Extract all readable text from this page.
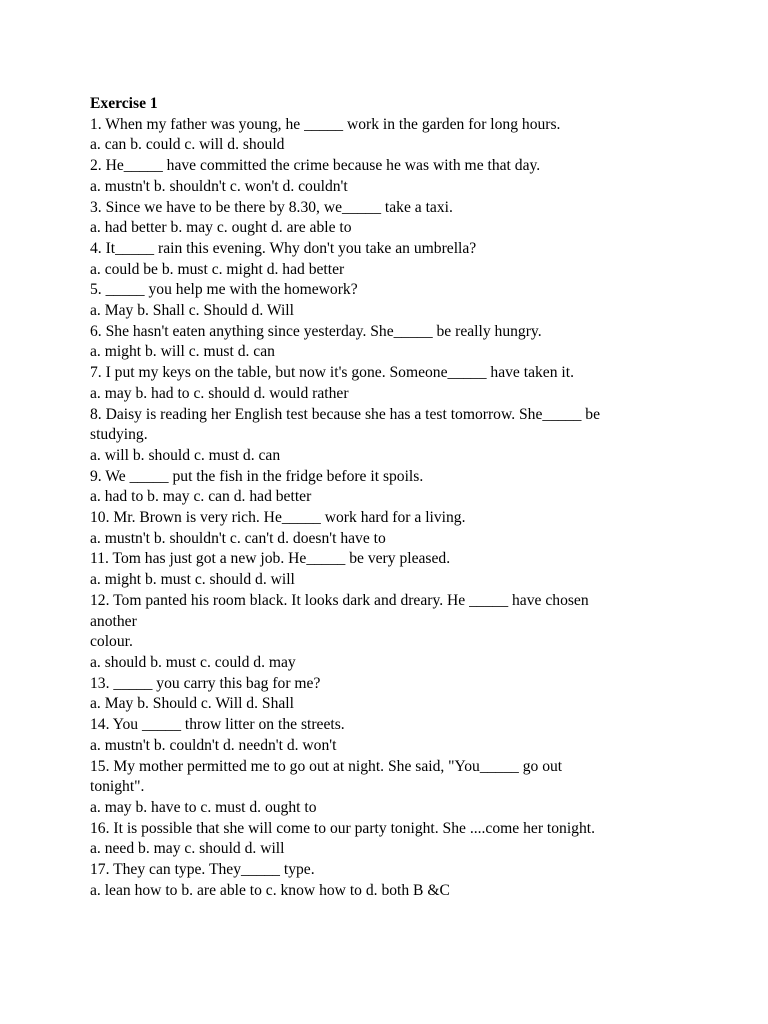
Exercise 1
1. When my father was young, he _____ work in the garden for long hours.
a. can b. could c. will d. should
2. He_____ have committed the crime because he was with me that day.
a. mustn't b. shouldn't c. won't d. couldn't
3. Since we have to be there by 8.30, we_____ take a taxi.
a. had better b. may c. ought d. are able to
4. It_____ rain this evening. Why don't you take an umbrella?
a. could be b. must c. might d. had better
5. _____ you help me with the homework?
a. May b. Shall c. Should d. Will
6. She hasn't eaten anything since yesterday. She_____ be really hungry.
a. might b. will c. must d. can
7. I put my keys on the table, but now it's gone. Someone_____ have taken it.
a. may b. had to c. should d. would rather
8. Daisy is reading her English test because she has a test tomorrow. She_____ be
studying.
a. will b. should c. must d. can
9. We _____ put the fish in the fridge before it spoils.
a. had to b. may c. can d. had better
10. Mr. Brown is very rich. He_____ work hard for a living.
a. mustn't b. shouldn't c. can't d. doesn't have to
11. Tom has just got a new job. He_____ be very pleased.
a. might b. must c. should d. will
12. Tom panted his room black. It looks dark and dreary. He _____ have chosen
another
colour.
a. should b. must c. could d. may
13. _____ you carry this bag for me?
a. May b. Should c. Will d. Shall
14. You _____ throw litter on the streets.
a. mustn't b. couldn't d. needn't d. won't
15. My mother permitted me to go out at night. She said, "You_____ go out
tonight".
a. may b. have to c. must d. ought to
16. It is possible that she will come to our party tonight. She ....come her tonight.
a. need b. may c. should d. will
17. They can type. They_____ type.
a. lean how to b. are able to c. know how to d. both B &C
